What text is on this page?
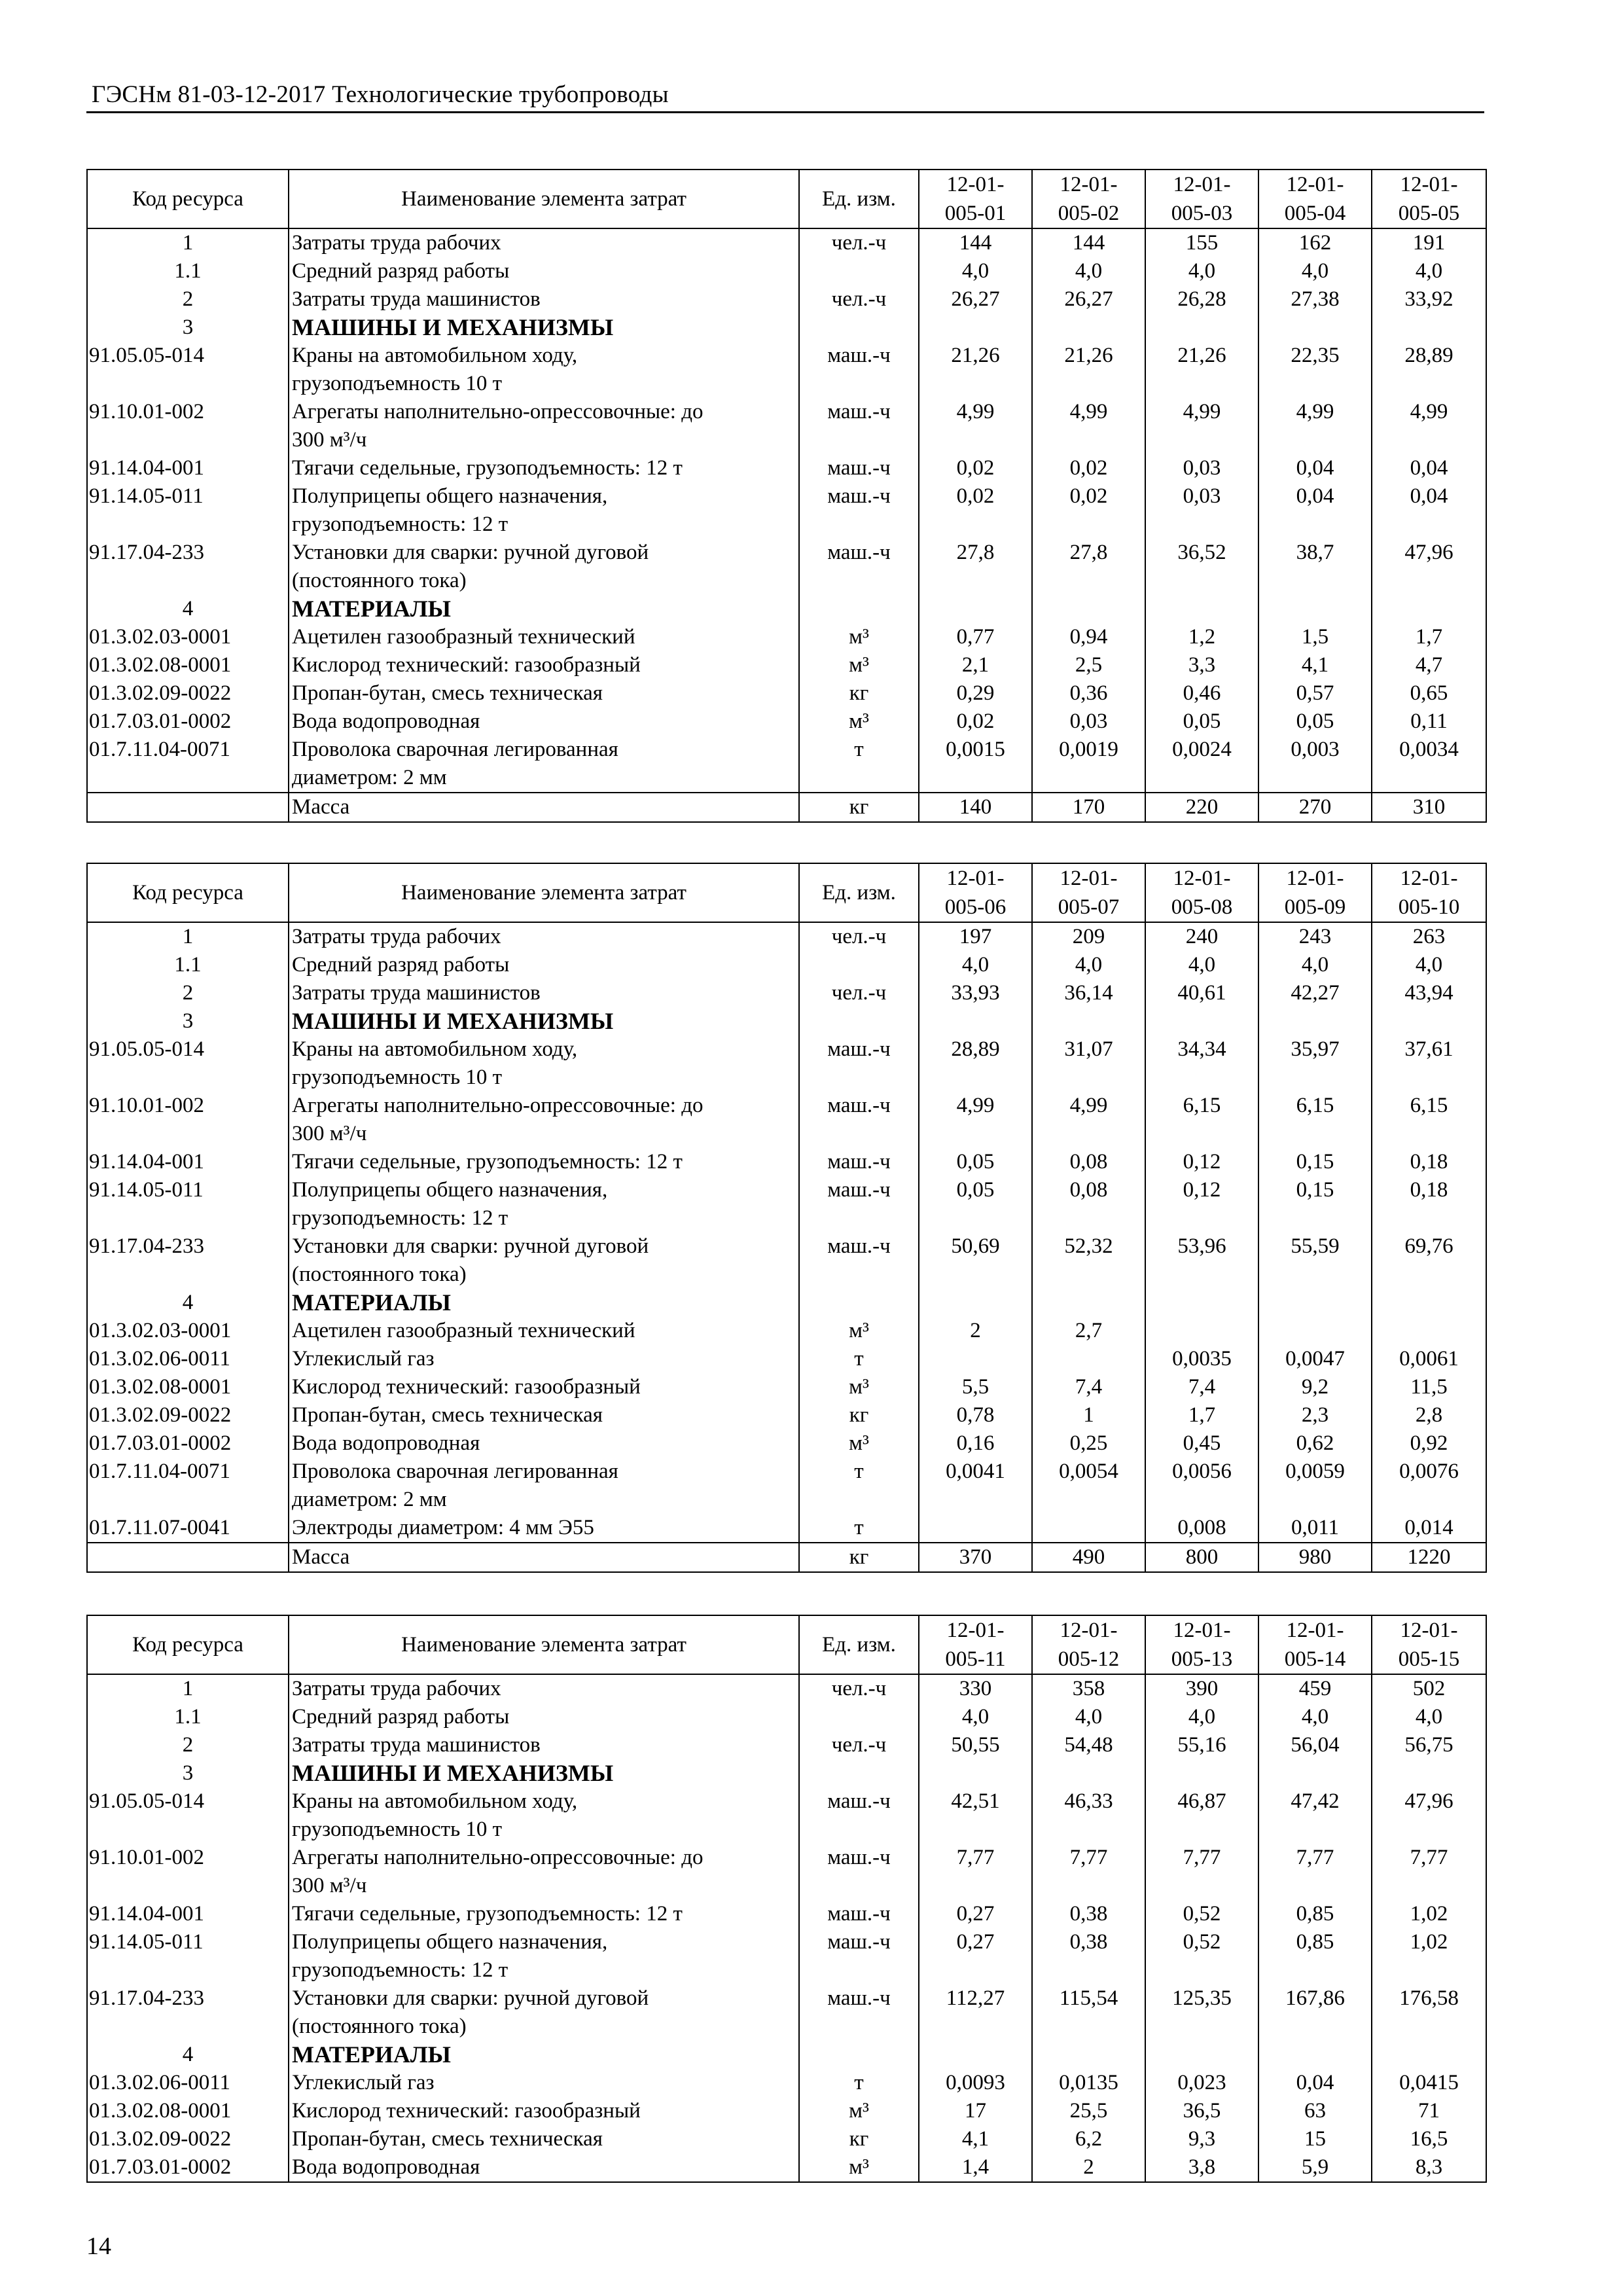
ГЭСНм 81-03-12-2017 Технологические трубопроводы
Код ресурса	Наименование элемента затрат	Ед. изм.	12-01-
005-01	12-01-
005-02	12-01-
005-03	12-01-
005-04	12-01-
005-05
1	Затраты труда рабочих	чел.-ч	144	144	155	162	191
1.1	Средний разряд работы		4,0	4,0	4,0	4,0	4,0
2	Затраты труда машинистов	чел.-ч	26,27	26,27	26,28	27,38	33,92
3	МАШИНЫ И МЕХАНИЗМЫ						
91.05.05-014	Краны на автомобильном ходу,
грузоподъемность 10 т	маш.-ч	21,26	21,26	21,26	22,35	28,89
91.10.01-002	Агрегаты наполнительно-опрессовочные: до
300 м³/ч	маш.-ч	4,99	4,99	4,99	4,99	4,99
91.14.04-001	Тягачи седельные, грузоподъемность: 12 т	маш.-ч	0,02	0,02	0,03	0,04	0,04
91.14.05-011	Полуприцепы общего назначения,
грузоподъемность: 12 т	маш.-ч	0,02	0,02	0,03	0,04	0,04
91.17.04-233	Установки для сварки: ручной дуговой
(постоянного тока)	маш.-ч	27,8	27,8	36,52	38,7	47,96
4	МАТЕРИАЛЫ						
01.3.02.03-0001	Ацетилен газообразный технический	м³	0,77	0,94	1,2	1,5	1,7
01.3.02.08-0001	Кислород технический: газообразный	м³	2,1	2,5	3,3	4,1	4,7
01.3.02.09-0022	Пропан-бутан, смесь техническая	кг	0,29	0,36	0,46	0,57	0,65
01.7.03.01-0002	Вода водопроводная	м³	0,02	0,03	0,05	0,05	0,11
01.7.11.04-0071	Проволока сварочная легированная
диаметром: 2 мм	т	0,0015	0,0019	0,0024	0,003	0,0034
	Масса	кг	140	170	220	270	310
Код ресурса	Наименование элемента затрат	Ед. изм.	12-01-
005-06	12-01-
005-07	12-01-
005-08	12-01-
005-09	12-01-
005-10
1	Затраты труда рабочих	чел.-ч	197	209	240	243	263
1.1	Средний разряд работы		4,0	4,0	4,0	4,0	4,0
2	Затраты труда машинистов	чел.-ч	33,93	36,14	40,61	42,27	43,94
3	МАШИНЫ И МЕХАНИЗМЫ						
91.05.05-014	Краны на автомобильном ходу,
грузоподъемность 10 т	маш.-ч	28,89	31,07	34,34	35,97	37,61
91.10.01-002	Агрегаты наполнительно-опрессовочные: до
300 м³/ч	маш.-ч	4,99	4,99	6,15	6,15	6,15
91.14.04-001	Тягачи седельные, грузоподъемность: 12 т	маш.-ч	0,05	0,08	0,12	0,15	0,18
91.14.05-011	Полуприцепы общего назначения,
грузоподъемность: 12 т	маш.-ч	0,05	0,08	0,12	0,15	0,18
91.17.04-233	Установки для сварки: ручной дуговой
(постоянного тока)	маш.-ч	50,69	52,32	53,96	55,59	69,76
4	МАТЕРИАЛЫ						
01.3.02.03-0001	Ацетилен газообразный технический	м³	2	2,7			
01.3.02.06-0011	Углекислый газ	т			0,0035	0,0047	0,0061
01.3.02.08-0001	Кислород технический: газообразный	м³	5,5	7,4	7,4	9,2	11,5
01.3.02.09-0022	Пропан-бутан, смесь техническая	кг	0,78	1	1,7	2,3	2,8
01.7.03.01-0002	Вода водопроводная	м³	0,16	0,25	0,45	0,62	0,92
01.7.11.04-0071	Проволока сварочная легированная
диаметром: 2 мм	т	0,0041	0,0054	0,0056	0,0059	0,0076
01.7.11.07-0041	Электроды диаметром: 4 мм Э55	т			0,008	0,011	0,014
	Масса	кг	370	490	800	980	1220
Код ресурса	Наименование элемента затрат	Ед. изм.	12-01-
005-11	12-01-
005-12	12-01-
005-13	12-01-
005-14	12-01-
005-15
1	Затраты труда рабочих	чел.-ч	330	358	390	459	502
1.1	Средний разряд работы		4,0	4,0	4,0	4,0	4,0
2	Затраты труда машинистов	чел.-ч	50,55	54,48	55,16	56,04	56,75
3	МАШИНЫ И МЕХАНИЗМЫ						
91.05.05-014	Краны на автомобильном ходу,
грузоподъемность 10 т	маш.-ч	42,51	46,33	46,87	47,42	47,96
91.10.01-002	Агрегаты наполнительно-опрессовочные: до
300 м³/ч	маш.-ч	7,77	7,77	7,77	7,77	7,77
91.14.04-001	Тягачи седельные, грузоподъемность: 12 т	маш.-ч	0,27	0,38	0,52	0,85	1,02
91.14.05-011	Полуприцепы общего назначения,
грузоподъемность: 12 т	маш.-ч	0,27	0,38	0,52	0,85	1,02
91.17.04-233	Установки для сварки: ручной дуговой
(постоянного тока)	маш.-ч	112,27	115,54	125,35	167,86	176,58
4	МАТЕРИАЛЫ						
01.3.02.06-0011	Углекислый газ	т	0,0093	0,0135	0,023	0,04	0,0415
01.3.02.08-0001	Кислород технический: газообразный	м³	17	25,5	36,5	63	71
01.3.02.09-0022	Пропан-бутан, смесь техническая	кг	4,1	6,2	9,3	15	16,5
01.7.03.01-0002	Вода водопроводная	м³	1,4	2	3,8	5,9	8,3
14
